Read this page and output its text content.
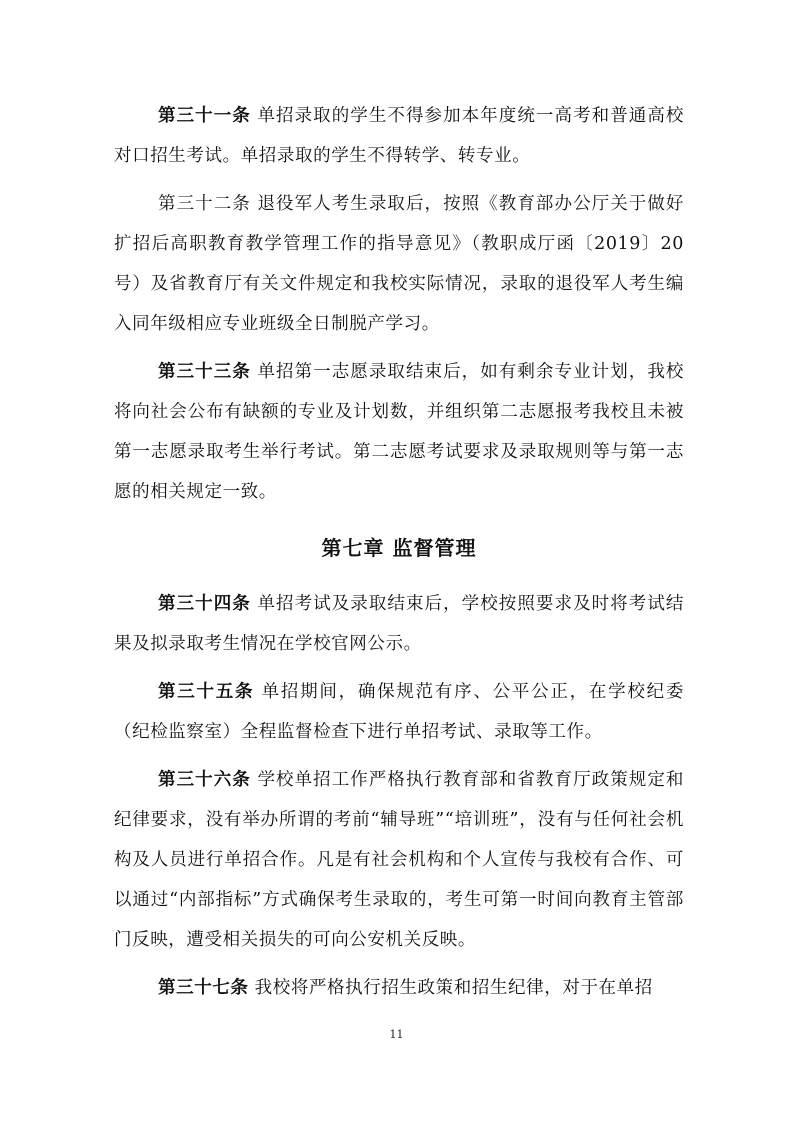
第三十一条 单招录取的学生不得参加本年度统一高考和普通高校对口招生考试。单招录取的学生不得转学、转专业。

第三十二条 退役军人考生录取后，按照《教育部办公厅关于做好扩招后高职教育教学管理工作的指导意见》（教职成厅函〔2019〕20号）及省教育厅有关文件规定和我校实际情况，录取的退役军人考生编入同年级相应专业班级全日制脱产学习。

第三十三条 单招第一志愿录取结束后，如有剩余专业计划，我校将向社会公布有缺额的专业及计划数，并组织第二志愿报考我校且未被第一志愿录取考生举行考试。第二志愿考试要求及录取规则等与第一志愿的相关规定一致。

第七章 监督管理

第三十四条 单招考试及录取结束后，学校按照要求及时将考试结果及拟录取考生情况在学校官网公示。

第三十五条 单招期间，确保规范有序、公平公正，在学校纪委（纪检监察室）全程监督检查下进行单招考试、录取等工作。

第三十六条 学校单招工作严格执行教育部和省教育厅政策规定和纪律要求，没有举办所谓的考前“辅导班”“培训班”，没有与任何社会机构及人员进行单招合作。凡是有社会机构和个人宣传与我校有合作、可以通过“内部指标”方式确保考生录取的，考生可第一时间向教育主管部门反映，遭受相关损失的可向公安机关反映。

第三十七条 我校将严格执行招生政策和招生纪律，对于在单招

11
